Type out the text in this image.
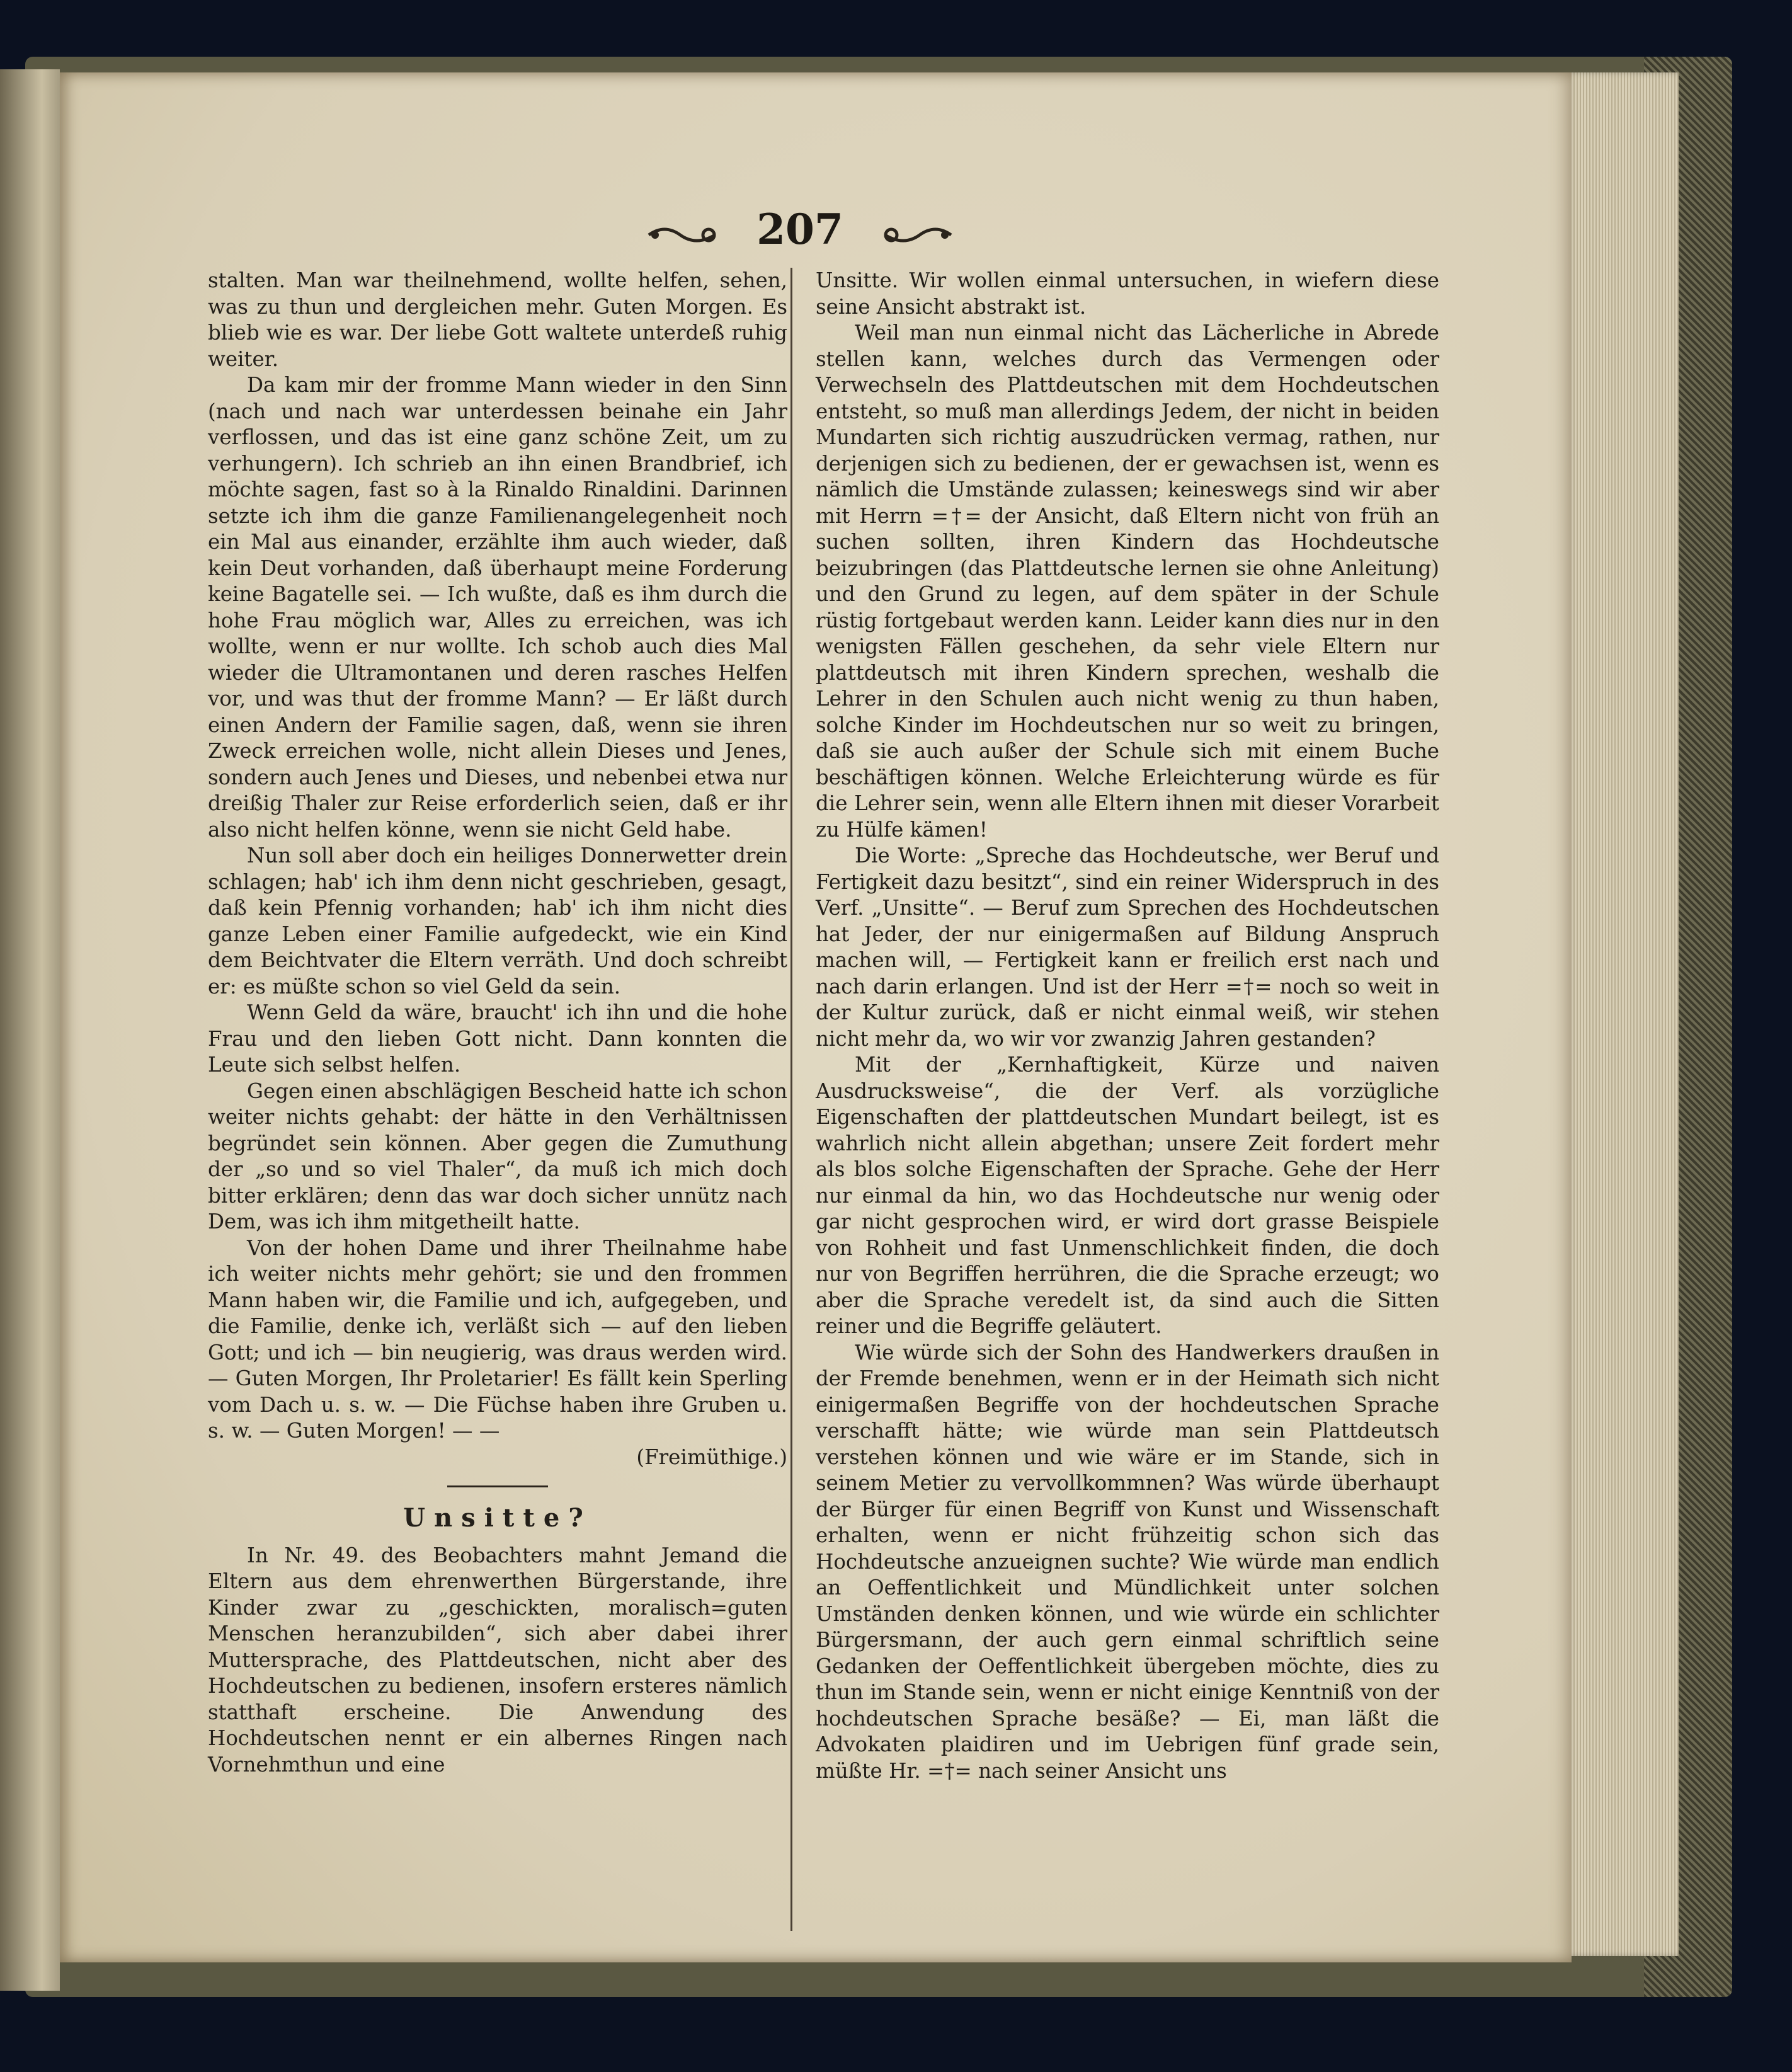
207

stalten. Man war theilnehmend, wollte helfen, sehen, was zu thun und dergleichen mehr. Guten Morgen. Es blieb wie es war. Der liebe Gott waltete unterdeß ruhig weiter.

Da kam mir der fromme Mann wieder in den Sinn (nach und nach war unterdessen beinahe ein Jahr verflossen, und das ist eine ganz schöne Zeit, um zu verhungern). Ich schrieb an ihn einen Brandbrief, ich möchte sagen, fast so à la Rinaldo Rinaldini. Darinnen setzte ich ihm die ganze Familienangelegenheit noch ein Mal aus einander, erzählte ihm auch wieder, daß kein Deut vorhanden, daß überhaupt meine Forderung keine Bagatelle sei. — Ich wußte, daß es ihm durch die hohe Frau möglich war, Alles zu erreichen, was ich wollte, wenn er nur wollte. Ich schob auch dies Mal wieder die Ultramontanen und deren rasches Helfen vor, und was thut der fromme Mann? — Er läßt durch einen Andern der Familie sagen, daß, wenn sie ihren Zweck erreichen wolle, nicht allein Dieses und Jenes, sondern auch Jenes und Dieses, und nebenbei etwa nur dreißig Thaler zur Reise erforderlich seien, daß er ihr also nicht helfen könne, wenn sie nicht Geld habe.

Nun soll aber doch ein heiliges Donnerwetter drein schlagen; hab' ich ihm denn nicht geschrieben, gesagt, daß kein Pfennig vorhanden; hab' ich ihm nicht dies ganze Leben einer Familie aufgedeckt, wie ein Kind dem Beichtvater die Eltern verräth. Und doch schreibt er: es müßte schon so viel Geld da sein.

Wenn Geld da wäre, braucht' ich ihn und die hohe Frau und den lieben Gott nicht. Dann konnten die Leute sich selbst helfen.

Gegen einen abschlägigen Bescheid hatte ich schon weiter nichts gehabt: der hätte in den Verhältnissen begründet sein können. Aber gegen die Zumuthung der „so und so viel Thaler“, da muß ich mich doch bitter erklären; denn das war doch sicher unnütz nach Dem, was ich ihm mitgetheilt hatte.

Von der hohen Dame und ihrer Theilnahme habe ich weiter nichts mehr gehört; sie und den frommen Mann haben wir, die Familie und ich, aufgegeben, und die Familie, denke ich, verläßt sich — auf den lieben Gott; und ich — bin neugierig, was draus werden wird. — Guten Morgen, Ihr Proletarier! Es fällt kein Sperling vom Dach u. s. w. — Die Füchse haben ihre Gruben u. s. w. — Guten Morgen! — —

(Freimüthige.)
Unsitte?

In Nr. 49. des Beobachters mahnt Jemand die Eltern aus dem ehrenwerthen Bürgerstande, ihre Kinder zwar zu „geschickten, moralisch=guten Menschen heranzubilden“, sich aber dabei ihrer Muttersprache, des Plattdeutschen, nicht aber des Hochdeutschen zu bedienen, insofern ersteres nämlich statthaft erscheine. Die Anwendung des Hochdeutschen nennt er ein albernes Ringen nach Vornehmthun und eine

Unsitte. Wir wollen einmal untersuchen, in wiefern diese seine Ansicht abstrakt ist.

Weil man nun einmal nicht das Lächerliche in Abrede stellen kann, welches durch das Vermengen oder Verwechseln des Plattdeutschen mit dem Hochdeutschen entsteht, so muß man allerdings Jedem, der nicht in beiden Mundarten sich richtig auszudrücken vermag, rathen, nur derjenigen sich zu bedienen, der er gewachsen ist, wenn es nämlich die Umstände zulassen; keineswegs sind wir aber mit Herrn =†= der Ansicht, daß Eltern nicht von früh an suchen sollten, ihren Kindern das Hochdeutsche beizubringen (das Plattdeutsche lernen sie ohne Anleitung) und den Grund zu legen, auf dem später in der Schule rüstig fortgebaut werden kann. Leider kann dies nur in den wenigsten Fällen geschehen, da sehr viele Eltern nur plattdeutsch mit ihren Kindern sprechen, weshalb die Lehrer in den Schulen auch nicht wenig zu thun haben, solche Kinder im Hochdeutschen nur so weit zu bringen, daß sie auch außer der Schule sich mit einem Buche beschäftigen können. Welche Erleichterung würde es für die Lehrer sein, wenn alle Eltern ihnen mit dieser Vorarbeit zu Hülfe kämen!

Die Worte: „Spreche das Hochdeutsche, wer Beruf und Fertigkeit dazu besitzt“, sind ein reiner Widerspruch in des Verf. „Unsitte“. — Beruf zum Sprechen des Hochdeutschen hat Jeder, der nur einigermaßen auf Bildung Anspruch machen will, — Fertigkeit kann er freilich erst nach und nach darin erlangen. Und ist der Herr =†= noch so weit in der Kultur zurück, daß er nicht einmal weiß, wir stehen nicht mehr da, wo wir vor zwanzig Jahren gestanden?

Mit der „Kernhaftigkeit, Kürze und naiven Ausdrucksweise“, die der Verf. als vorzügliche Eigenschaften der plattdeutschen Mundart beilegt, ist es wahrlich nicht allein abgethan; unsere Zeit fordert mehr als blos solche Eigenschaften der Sprache. Gehe der Herr nur einmal da hin, wo das Hochdeutsche nur wenig oder gar nicht gesprochen wird, er wird dort grasse Beispiele von Rohheit und fast Unmenschlichkeit finden, die doch nur von Begriffen herrühren, die die Sprache erzeugt; wo aber die Sprache veredelt ist, da sind auch die Sitten reiner und die Begriffe geläutert.

Wie würde sich der Sohn des Handwerkers draußen in der Fremde benehmen, wenn er in der Heimath sich nicht einigermaßen Begriffe von der hochdeutschen Sprache verschafft hätte; wie würde man sein Plattdeutsch verstehen können und wie wäre er im Stande, sich in seinem Metier zu vervollkommnen? Was würde überhaupt der Bürger für einen Begriff von Kunst und Wissenschaft erhalten, wenn er nicht frühzeitig schon sich das Hochdeutsche anzueignen suchte? Wie würde man endlich an Oeffentlichkeit und Mündlichkeit unter solchen Umständen denken können, und wie würde ein schlichter Bürgersmann, der auch gern einmal schriftlich seine Gedanken der Oeffentlichkeit übergeben möchte, dies zu thun im Stande sein, wenn er nicht einige Kenntniß von der hochdeutschen Sprache besäße? — Ei, man läßt die Advokaten plaidiren und im Uebrigen fünf grade sein, müßte Hr. =†= nach seiner Ansicht uns
